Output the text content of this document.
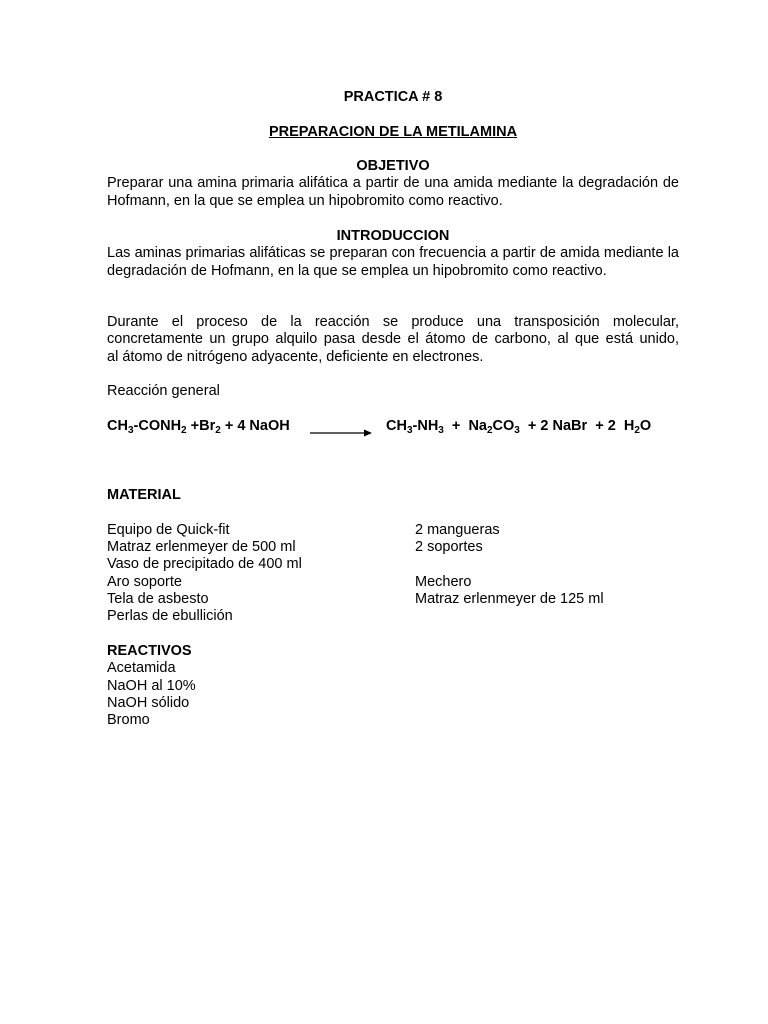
PRACTICA # 8
PREPARACION DE LA METILAMINA
OBJETIVO
Preparar una amina primaria alifática a partir de una amida mediante la degradación de Hofmann, en la que se emplea un hipobromito como reactivo.
INTRODUCCION
Las aminas primarias alifáticas se preparan con frecuencia a partir de amida mediante la degradación de Hofmann, en la que se emplea un hipobromito como reactivo.
Durante el proceso de la reacción se produce una transposición molecular,
concretamente un grupo alquilo pasa desde el átomo de carbono, al que está unido,
al átomo de nitrógeno adyacente, deficiente en electrones.
Reacción general
$CH_3-CONH_2 +Br_2 + 4$ NaOH	$CH_3-NH_3 + Na_2CO_3 + 2$ NaBr  + 2  $H_2O$
MATERIAL
Equipo de Quick-fit
Matraz erlenmeyer de 500 ml
Vaso de precipitado de 400 ml
Aro soporte
Tela de asbesto
Perlas de ebullición
2 mangueras
2 soportes
Mechero
Matraz erlenmeyer de 125 ml
REACTIVOS
Acetamida
NaOH al 10%
NaOH sólido
Bromo
